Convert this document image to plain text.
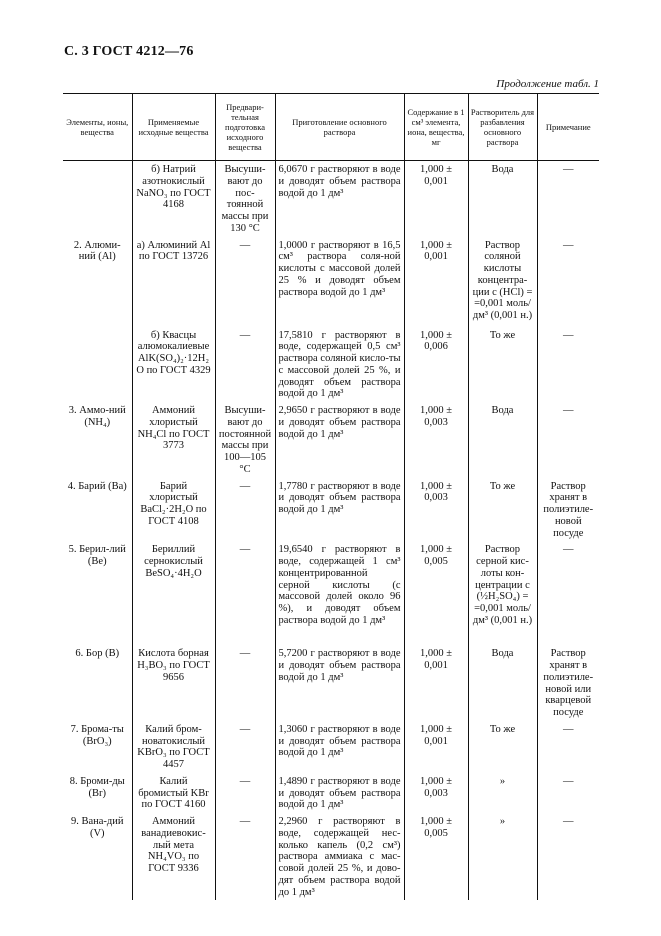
С. 3 ГОСТ 4212—76
Продолжение табл. 1
Элементы, ионы, вещества	Применяемые исходные вещества	Предвари-тельная подготовка исходного вещества	Приготовление основного раствора	Содержание в 1 см³ элемента, иона, вещества, мг	Растворитель для разбавления основного раствора	Примечание
	б) Натрий азотнокислый NaNO₃ по ГОСТ 4168	Высуши-вают до пос-тоянной массы при 130 °С	6,0670 г растворяют в воде и доводят объем раствора водой до 1 дм³	1,000 ± 0,001	Вода	—
2. Алюми-ний (Al)	а) Алюминий Al по ГОСТ 13726	—	1,0000 г растворяют в 16,5 см³ раствора соля-ной кислоты с массовой долей 25 % и доводят объем раствора водой до 1 дм³	1,000 ± 0,001	Раствор соляной кислоты концентра-ции c (HCl) = =0,001 моль/дм³ (0,001 н.)	—
	б) Квасцы алюмокалиевые AlK(SO₄)₂·12H₂O по ГОСТ 4329	—	17,5810 г растворяют в воде, содержащей 0,5 см³ раствора соляной кисло-ты с массовой долей 25 %, и доводят объем раствора водой до 1 дм³	1,000 ± 0,006	То же	—
3. Аммо-ний (NH₄)	Аммоний хлористый NH₄Cl по ГОСТ 3773	Высуши-вают до постоянной массы при 100—105 °С	2,9650 г растворяют в воде и доводят объем раствора водой до 1 дм³	1,000 ± 0,003	Вода	—
4. Барий (Ba)	Барий хлористый BaCl₂·2H₂O по ГОСТ 4108	—	1,7780 г растворяют в воде и доводят объем раствора водой до 1 дм³	1,000 ± 0,003	То же	Раствор хранят в полиэтиле-новой посуде
5. Берил-лий (Be)	Бериллий сернокислый BeSO₄·4H₂O	—	19,6540 г растворяют в воде, содержащей 1 см³ концентрированной серной кислоты (с массовой долей около 96 %), и доводят объем раствора водой до 1 дм³	1,000 ± 0,005	Раствор серной кис-лоты кон-центрации c (½H₂SO₄) = =0,001 моль/дм³ (0,001 н.)	—
6. Бор (B)	Кислота борная H₃BO₃ по ГОСТ 9656	—	5,7200 г растворяют в воде и доводят объем раствора водой до 1 дм³	1,000 ± 0,001	Вода	Раствор хранят в полиэтиле-новой или кварцевой посуде
7. Брома-ты (BrO₃)	Калий бром-новатокислый KBrO₃ по ГОСТ 4457	—	1,3060 г растворяют в воде и доводят объем раствора водой до 1 дм³	1,000 ± 0,001	То же	—
8. Броми-ды (Br)	Калий бромистый KBr по ГОСТ 4160	—	1,4890 г растворяют в воде и доводят объем раствора водой до 1 дм³	1,000 ± 0,003	»	—
9. Вана-дий (V)	Аммоний ванадиевокис-лый мета NH₄VO₃ по ГОСТ 9336	—	2,2960 г растворяют в воде, содержащей нес-колько капель (0,2 см³) раствора аммиака с мас-совой долей 25 %, и дово-дят объем раствора водой до 1 дм³	1,000 ± 0,005	»	—
